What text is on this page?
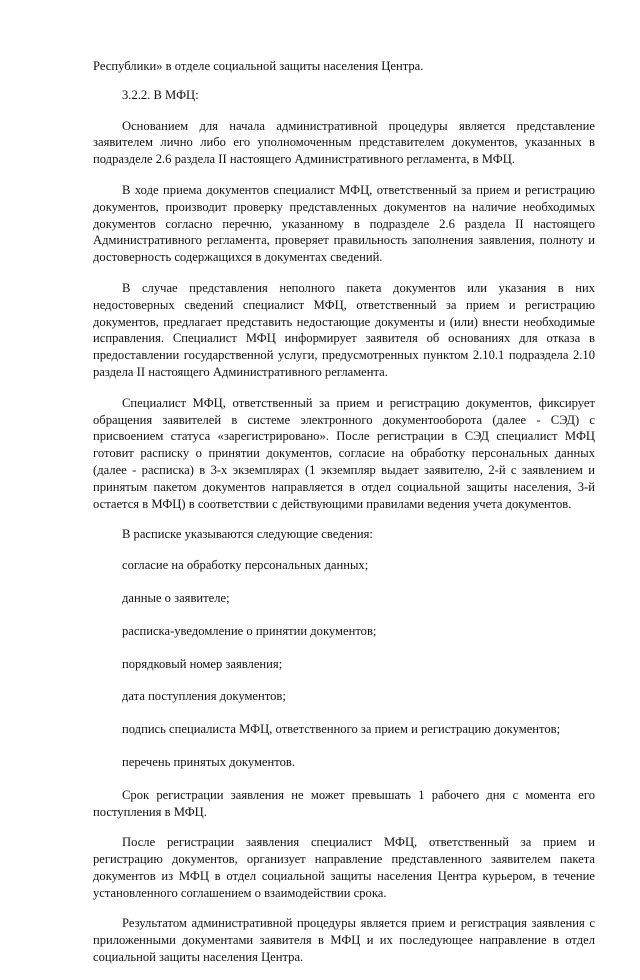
Республики» в отделе социальной защиты населения Центра.

3.2.2. В МФЦ:

Основанием для начала административной процедуры является представление заявителем лично либо его уполномоченным представителем документов, указанных в подразделе 2.6 раздела II настоящего Административного регламента, в МФЦ.

В ходе приема документов специалист МФЦ, ответственный за прием и регистрацию документов, производит проверку представленных документов на наличие необходимых документов согласно перечню, указанному в подразделе 2.6 раздела II настоящего Административного регламента, проверяет правильность заполнения заявления, полноту и достоверность содержащихся в документах сведений.

В случае представления неполного пакета документов или указания в них недостоверных сведений специалист МФЦ, ответственный за прием и регистрацию документов, предлагает представить недостающие документы и (или) внести необходимые исправления. Специалист МФЦ информирует заявителя об основаниях для отказа в предоставлении государственной услуги, предусмотренных пунктом 2.10.1 подраздела 2.10 раздела II настоящего Административного регламента.

Специалист МФЦ, ответственный за прием и регистрацию документов, фиксирует обращения заявителей в системе электронного документооборота (далее - СЭД) с присвоением статуса «зарегистрировано». После регистрации в СЭД специалист МФЦ готовит расписку о принятии документов, согласие на обработку персональных данных (далее - расписка) в 3-х экземплярах (1 экземпляр выдает заявителю, 2-й с заявлением и принятым пакетом документов направляется в отдел социальной защиты населения, 3-й остается в МФЦ) в соответствии с действующими правилами ведения учета документов.

В расписке указываются следующие сведения:

согласие на обработку персональных данных;
данные о заявителе;
расписка-уведомление о принятии документов;
порядковый номер заявления;
дата поступления документов;
подпись специалиста МФЦ, ответственного за прием и регистрацию документов;
перечень принятых документов.

Срок регистрации заявления не может превышать 1 рабочего дня с момента его поступления в МФЦ.

После регистрации заявления специалист МФЦ, ответственный за прием и регистрацию документов, организует направление представленного заявителем пакета документов из МФЦ в отдел социальной защиты населения Центра курьером, в течение установленного соглашением о взаимодействии срока.

Результатом административной процедуры является прием и регистрация заявления с приложенными документами заявителя в МФЦ и их последующее направление в отдел социальной защиты населения Центра.
